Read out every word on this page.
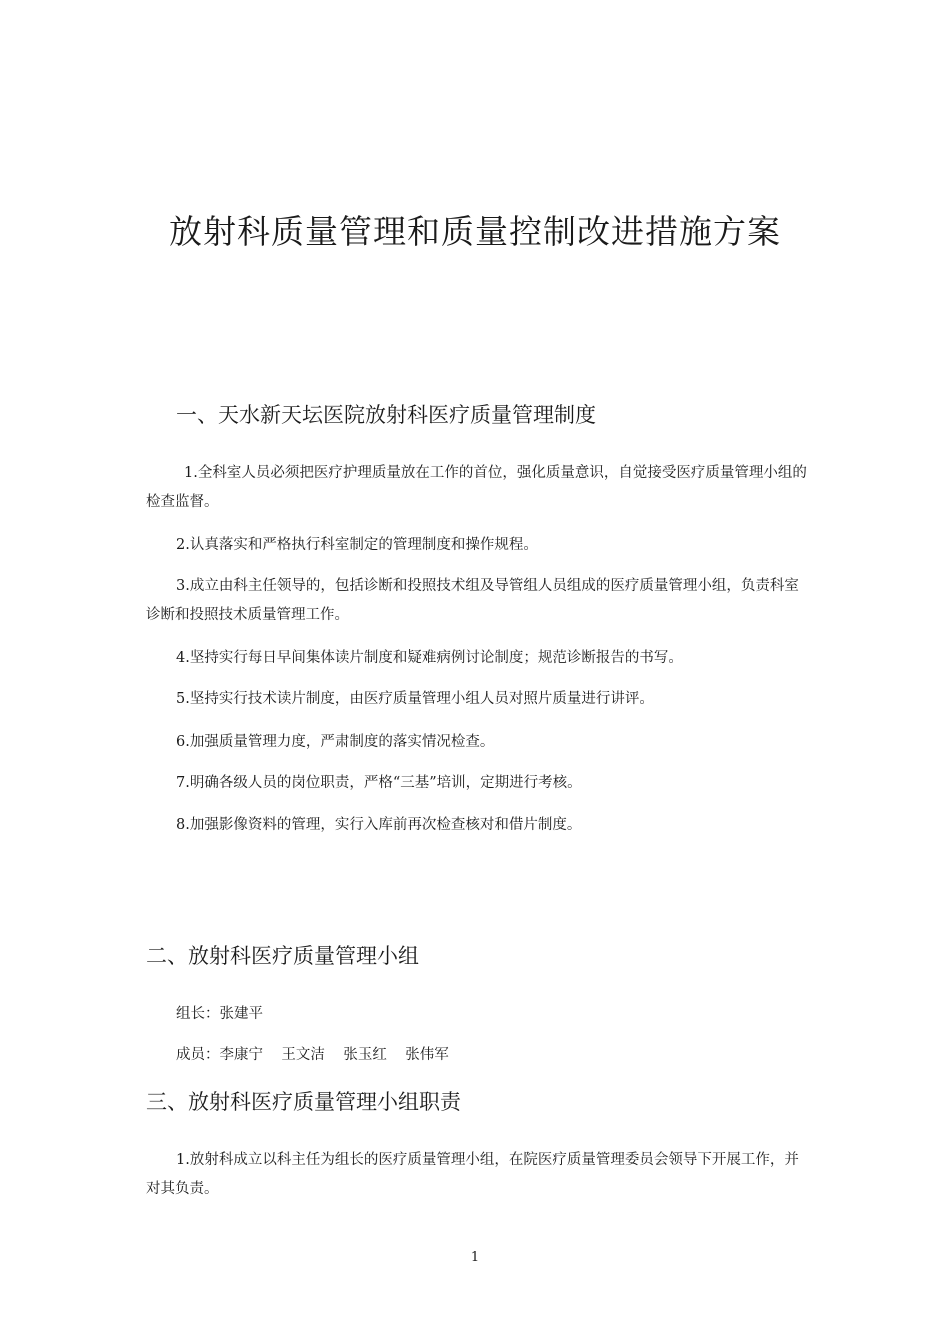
放射科质量管理和质量控制改进措施方案
一、天水新天坛医院放射科医疗质量管理制度

1.全科室人员必须把医疗护理质量放在工作的首位，强化质量意识，自觉接受医疗质量管理小组的检查监督。

2.认真落实和严格执行科室制定的管理制度和操作规程。

3.成立由科主任领导的，包括诊断和投照技术组及导管组人员组成的医疗质量管理小组，负责科室诊断和投照技术质量管理工作。

4.坚持实行每日早间集体读片制度和疑难病例讨论制度；规范诊断报告的书写。

5.坚持实行技术读片制度，由医疗质量管理小组人员对照片质量进行讲评。

6.加强质量管理力度，严肃制度的落实情况检查。

7.明确各级人员的岗位职责，严格“三基”培训，定期进行考核。

8.加强影像资料的管理，实行入库前再次检查核对和借片制度。

二、放射科医疗质量管理小组

组长：张建平

成员：李康宁    王文洁    张玉红    张伟军

三、放射科医疗质量管理小组职责

1.放射科成立以科主任为组长的医疗质量管理小组，在院医疗质量管理委员会领导下开展工作，并对其负责。

1
